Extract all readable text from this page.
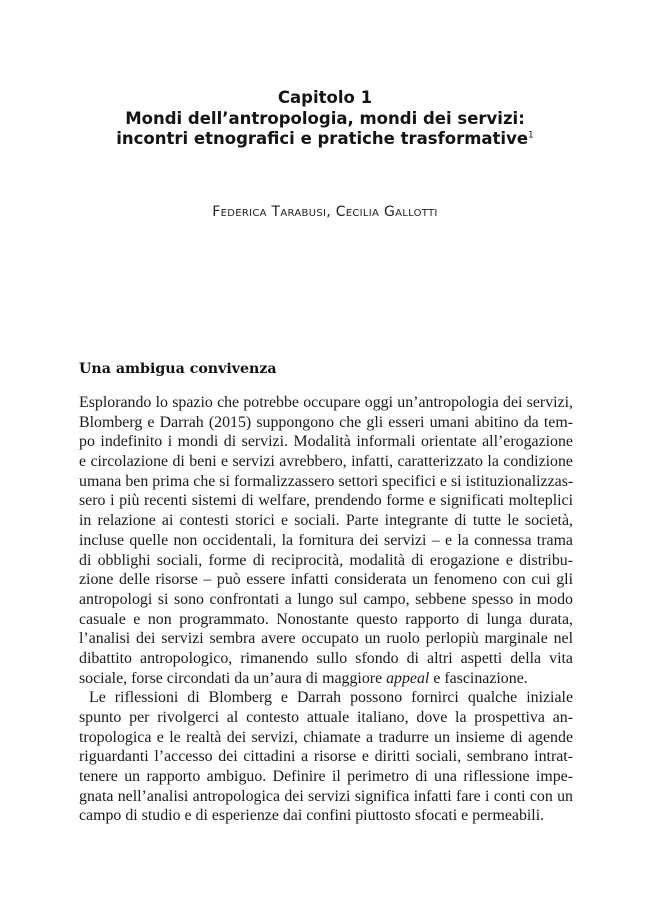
Capitolo 1
Mondi dell’antropologia, mondi dei servizi:
incontri etnografici e pratiche trasformative$^1$
Federica Tarabusi, Cecilia Gallotti
Una ambigua convivenza
Esplorando lo spazio che potrebbe occupare oggi un’antropologia dei servizi,
Blomberg e Darrah (2015) suppongono che gli esseri umani abitino da tem-
po indefinito i mondi di servizi. Modalità informali orientate all’erogazione
e circolazione di beni e servizi avrebbero, infatti, caratterizzato la condizione
umana ben prima che si formalizzassero settori specifici e si istituzionalizzas-
sero i più recenti sistemi di welfare, prendendo forme e significati molteplici
in relazione ai contesti storici e sociali. Parte integrante di tutte le società,
incluse quelle non occidentali, la fornitura dei servizi – e la connessa trama
di obblighi sociali, forme di reciprocità, modalità di erogazione e distribu-
zione delle risorse – può essere infatti considerata un fenomeno con cui gli
antropologi si sono confrontati a lungo sul campo, sebbene spesso in modo
casuale e non programmato. Nonostante questo rapporto di lunga durata,
l’analisi dei servizi sembra avere occupato un ruolo perlopiù marginale nel
dibattito antropologico, rimanendo sullo sfondo di altri aspetti della vita
sociale, forse circondati da un’aura di maggiore appeal e fascinazione.
Le riflessioni di Blomberg e Darrah possono fornirci qualche iniziale
spunto per rivolgerci al contesto attuale italiano, dove la prospettiva an-
tropologica e le realtà dei servizi, chiamate a tradurre un insieme di agende
riguardanti l’accesso dei cittadini a risorse e diritti sociali, sembrano intrat-
tenere un rapporto ambiguo. Definire il perimetro di una riflessione impe-
gnata nell’analisi antropologica dei servizi significa infatti fare i conti con un
campo di studio e di esperienze dai confini piuttosto sfocati e permeabili.
